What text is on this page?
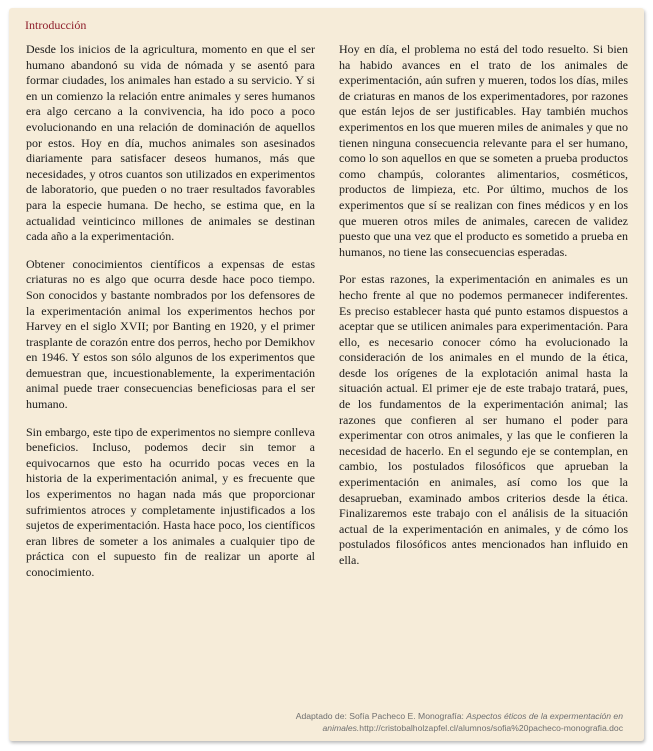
Introducción

Desde los inicios de la agricultura, momento en que el ser humano abandonó su vida de nómada y se asentó para formar ciudades, los animales han estado a su servicio. Y si en un comienzo la relación entre animales y seres humanos era algo cercano a la convivencia, ha ido poco a poco evolucionando en una relación de dominación de aquellos por estos. Hoy en día, muchos animales son asesinados diariamente para satisfacer deseos humanos, más que necesidades, y otros cuantos son utilizados en experimentos de laboratorio, que pueden o no traer resultados favorables para la especie humana. De hecho, se estima que, en la actualidad veinticinco millones de animales se destinan cada año a la experimentación.

Obtener conocimientos científicos a expensas de estas criaturas no es algo que ocurra desde hace poco tiempo. Son conocidos y bastante nombrados por los defensores de la experimentación animal los experimentos hechos por Harvey en el siglo XVII; por Banting en 1920, y el primer trasplante de corazón entre dos perros, hecho por Demikhov en 1946. Y estos son sólo algunos de los experimentos que demuestran que, incuestionablemente, la experimentación animal puede traer consecuencias beneficiosas para el ser humano.

Sin embargo, este tipo de experimentos no siempre conlleva beneficios. Incluso, podemos decir sin temor a equivocarnos que esto ha ocurrido pocas veces en la historia de la experimentación animal, y es frecuente que los experimentos no hagan nada más que proporcionar sufrimientos atroces y completamente injustificados a los sujetos de experimentación. Hasta hace poco, los científicos eran libres de someter a los animales a cualquier tipo de práctica con el supuesto fin de realizar un aporte al conocimiento.

Hoy en día, el problema no está del todo resuelto. Si bien ha habido avances en el trato de los animales de experimentación, aún sufren y mueren, todos los días, miles de criaturas en manos de los experimentadores, por razones que están lejos de ser justificables. Hay también muchos experimentos en los que mueren miles de animales y que no tienen ninguna consecuencia relevante para el ser humano, como lo son aquellos en que se someten a prueba productos como champús, colorantes alimentarios, cosméticos, productos de limpieza, etc. Por último, muchos de los experimentos que sí se realizan con fines médicos y en los que mueren otros miles de animales, carecen de validez puesto que una vez que el producto es sometido a prueba en humanos, no tiene las consecuencias esperadas.

Por estas razones, la experimentación en animales es un hecho frente al que no podemos permanecer indiferentes. Es preciso establecer hasta qué punto estamos dispuestos a aceptar que se utilicen animales para experimentación. Para ello, es necesario conocer cómo ha evolucionado la consideración de los animales en el mundo de la ética, desde los orígenes de la explotación animal hasta la situación actual. El primer eje de este trabajo tratará, pues, de los fundamentos de la experimentación animal; las razones que confieren al ser humano el poder para experimentar con otros animales, y las que le confieren la necesidad de hacerlo. En el segundo eje se contemplan, en cambio, los postulados filosóficos que aprueban la experimentación en animales, así como los que la desaprueban, examinado ambos criterios desde la ética. Finalizaremos este trabajo con el análisis de la situación actual de la experimentación en animales, y de cómo los postulados filosóficos antes mencionados han influido en ella.

Adaptado de: Sofía Pacheco E. Monografía: Aspectos éticos de la expermentación en animales.http://cristobalholzapfel.cl/alumnos/sofia%20pacheco-monografia.doc
